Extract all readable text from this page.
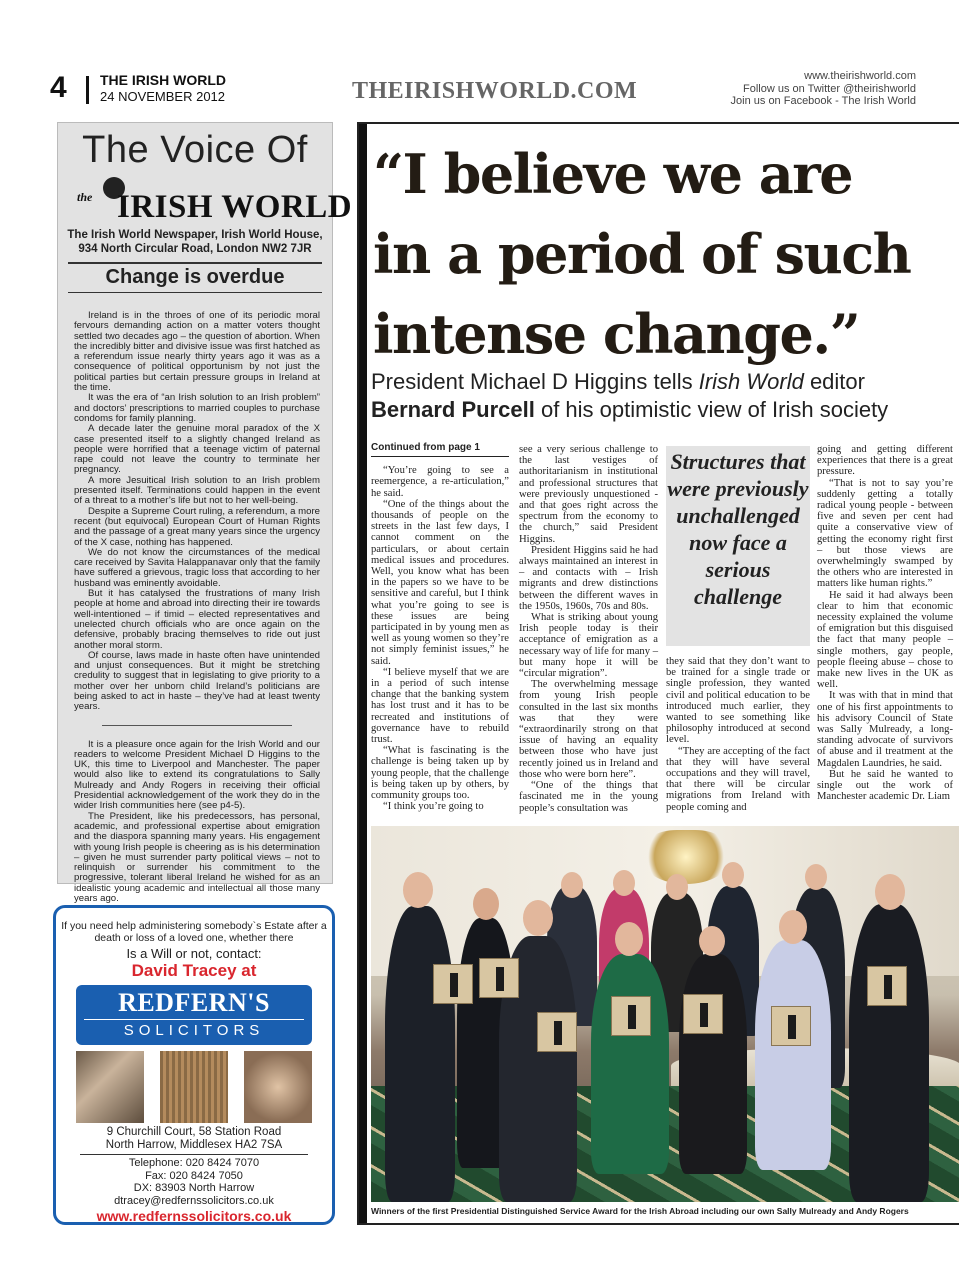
4 THE IRISH WORLD
24 NOVEMBER 2012	THEIRISHWORLD.COM
www.theirishworld.com
Follow us on Twitter @theirishworld
Join us on Facebook - The Irish World
The Voice Of
the IRISH WORLD
The Irish World Newspaper, Irish World House,
934 North Circular Road, London NW2 7JR
Change is overdue

Ireland is in the throes of one of its periodic moral fervours demanding action on a matter voters thought settled two decades ago – the question of abortion. When the incredibly bitter and divisive issue was first hatched as a referendum issue nearly thirty years ago it was as a consequence of political opportunism by not just the political parties but certain pressure groups in Ireland at the time.

It was the era of “an Irish solution to an Irish problem” and doctors’ prescriptions to married couples to purchase condoms for family planning.

A decade later the genuine moral paradox of the X case presented itself to a slightly changed Ireland as people were horrified that a teenage victim of paternal rape could not leave the country to terminate her pregnancy.

A more Jesuitical Irish solution to an Irish problem presented itself. Terminations could happen in the event of a threat to a mother’s life but not to her well-being.

Despite a Supreme Court ruling, a referendum, a more recent (but equivocal) European Court of Human Rights and the passage of a great many years since the urgency of the X case, nothing has happened.

We do not know the circumstances of the medical care received by Savita Halappanavar only that the family have suffered a grievous, tragic loss that according to her husband was eminently avoidable.

But it has catalysed the frustrations of many Irish people at home and abroad into directing their ire towards well-intentioned – if timid – elected representatives and unelected church officials who are once again on the defensive, probably bracing themselves to ride out just another moral storm.

Of course, laws made in haste often have unintended and unjust consequences. But it might be stretching credulity to suggest that in legislating to give priority to a mother over her unborn child Ireland’s politicians are being asked to act in haste – they’ve had at least twenty years.

It is a pleasure once again for the Irish World and our readers to welcome President Michael D Higgins to the UK, this time to Liverpool and Manchester. The paper would also like to extend its congratulations to Sally Mulready and Andy Rogers in receiving their official Presidential acknowledgement of the work they do in the wider Irish communities here (see p4-5).

The President, like his predecessors, has personal, academic, and professional expertise about emigration and the diaspora spanning many years. His engagement with young Irish people is cheering as is his determination – given he must surrender party political views – not to relinquish or surrender his commitment to the progressive, tolerant liberal Ireland he wished for as an idealistic young academic and intellectual all those many years ago.

If you need help administering somebody`s Estate after a death or loss of a loved one, whether there
Is a Will or not, contact:
David Tracey at
REDFERN'S
SOLICITORS
9 Churchill Court, 58 Station Road
North Harrow, Middlesex HA2 7SA
Telephone: 020 8424 7070
Fax: 020 8424 7050
DX: 83903 North Harrow
dtracey@redfernssolicitors.co.uk
www.redfernssolicitors.co.uk
“I believe we are
in a period of such
intense change.”
President Michael D Higgins tells Irish World editor
Bernard Purcell of his optimistic view of Irish society

Continued from page 1

“You’re going to see a reemergence, a re-articulation,” he said.

“One of the things about the thousands of people on the streets in the last few days, I cannot comment on the particulars, or about certain medical issues and procedures. Well, you know what has been in the papers so we have to be sensitive and careful, but I think what you’re going to see is these issues are being participated in by young men as well as young women so they’re not simply feminist issues,” he said.

“I believe myself that we are in a period of such intense change that the banking system has lost trust and it has to be recreated and institutions of governance have to rebuild trust.

“What is fascinating is the challenge is being taken up by young people, that the challenge is being taken up by others, by community groups too.

“I think you’re going to

see a very serious challenge to the last vestiges of authoritarianism in institutional and professional structures that were previously unquestioned - and that goes right across the spectrum from the economy to the church,” said President Higgins.

President Higgins said he had always maintained an interest in – and contacts with – Irish migrants and drew distinctions between the different waves in the 1950s, 1960s, 70s and 80s.

What is striking about young Irish people today is their acceptance of emigration as a necessary way of life for many – but many hope it will be “circular migration”.

The overwhelming message from young Irish people consulted in the last six months was that they were “extraordinarily strong on that issue of having an equality between those who have just recently joined us in Ireland and those who were born here”.

“One of the things that fascinated me in the young people’s consultation was

Structures that were previously unchallenged now face a serious challenge

they said that they don’t want to be trained for a single trade or single profession, they wanted civil and political education to be introduced much earlier, they wanted to see something like philosophy introduced at second level.

“They are accepting of the fact that they will have several occupations and they will travel, that there will be circular migrations from Ireland with people coming and

going and getting different experiences that there is a great pressure.

“That is not to say you’re suddenly getting a totally radical young people - between five and seven per cent had quite a conservative view of getting the economy right first – but those views are overwhelmingly swamped by the others who are interested in matters like human rights.”

He said it had always been clear to him that economic necessity explained the volume of emigration but this disguised the fact that many people – single mothers, gay people, people fleeing abuse – chose to make new lives in the UK as well.

It was with that in mind that one of his first appointments to his advisory Council of State was Sally Mulready, a long-standing advocate of survivors of abuse and il treatment at the Magdalen Laundries, he said.

But he said he wanted to single out the work of Manchester academic Dr. Liam

Winners of the first Presidential Distinguished Service Award for the Irish Abroad including our own Sally Mulready and Andy Rogers
